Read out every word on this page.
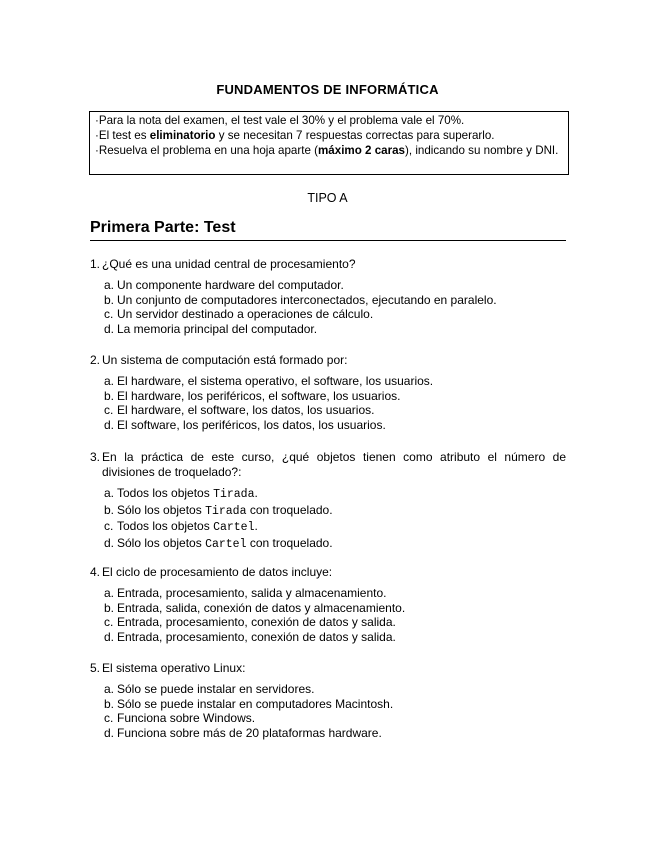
FUNDAMENTOS DE INFORMÁTICA
·Para la nota del examen, el test vale el 30% y el problema vale el 70%.
·El test es eliminatorio y se necesitan 7 respuestas correctas para superarlo.
·Resuelva el problema en una hoja aparte (máximo 2 caras), indicando su nombre y DNI.
TIPO A
Primera Parte: Test
1. ¿Qué es una unidad central de procesamiento?
a. Un componente hardware del computador.
b. Un conjunto de computadores interconectados, ejecutando en paralelo.
c. Un servidor destinado a operaciones de cálculo.
d. La memoria principal del computador.
2. Un sistema de computación está formado por:
a. El hardware, el sistema operativo, el software, los usuarios.
b. El hardware, los periféricos, el software, los usuarios.
c. El hardware, el software, los datos, los usuarios.
d. El software, los periféricos, los datos, los usuarios.
3. En la práctica de este curso, ¿qué objetos tienen como atributo el número de divisiones de troquelado?:
a. Todos los objetos Tirada.
b. Sólo los objetos Tirada con troquelado.
c. Todos los objetos Cartel.
d. Sólo los objetos Cartel con troquelado.
4. El ciclo de procesamiento de datos incluye:
a. Entrada, procesamiento, salida y almacenamiento.
b. Entrada, salida, conexión de datos y almacenamiento.
c. Entrada, procesamiento, conexión de datos y salida.
d. Entrada, procesamiento, conexión de datos y salida.
5. El sistema operativo Linux:
a. Sólo se puede instalar en servidores.
b. Sólo se puede instalar en computadores Macintosh.
c. Funciona sobre Windows.
d. Funciona sobre más de 20 plataformas hardware.
